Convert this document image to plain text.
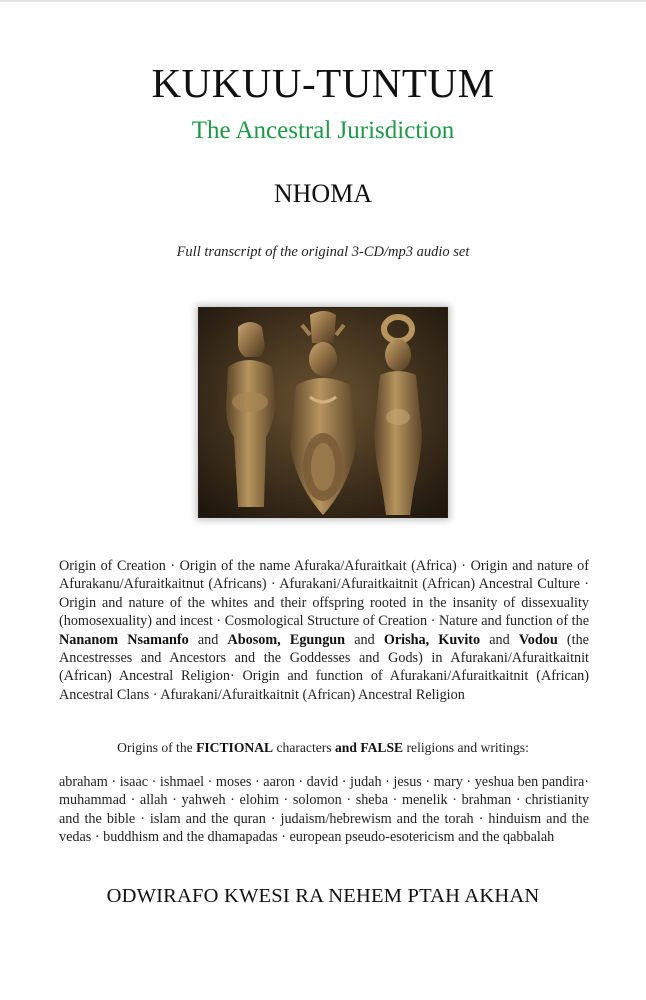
KUKUU-TUNTUM
The Ancestral Jurisdiction
NHOMA
Full transcript of the original 3-CD/mp3 audio set
Origin of Creation · Origin of the name Afuraka/Afuraitkait (Africa) · Origin and nature of Afurakanu/Afuraitkaitnut (Africans) · Afurakani/Afuraitkaitnit (African) Ancestral Culture · Origin and nature of the whites and their offspring rooted in the insanity of dissexuality (homosexuality) and incest · Cosmological Structure of Creation · Nature and function of the Nananom Nsamanfo and Abosom, Egungun and Orisha, Kuvito and Vodou (the Ancestresses and Ancestors and the Goddesses and Gods) in Afurakani/Afuraitkaitnit (African) Ancestral Religion· Origin and function of Afurakani/Afuraitkaitnit (African) Ancestral Clans · Afurakani/Afuraitkaitnit (African) Ancestral Religion
Origins of the FICTIONAL characters and FALSE religions and writings:
abraham · isaac · ishmael · moses · aaron · david · judah · jesus · mary · yeshua ben pandira· muhammad · allah · yahweh · elohim · solomon · sheba · menelik · brahman · christianity and the bible · islam and the quran · judaism/hebrewism and the torah · hinduism and the vedas · buddhism and the dhamapadas · european pseudo-esotericism and the qabbalah
ODWIRAFO KWESI RA NEHEM PTAH AKHAN
